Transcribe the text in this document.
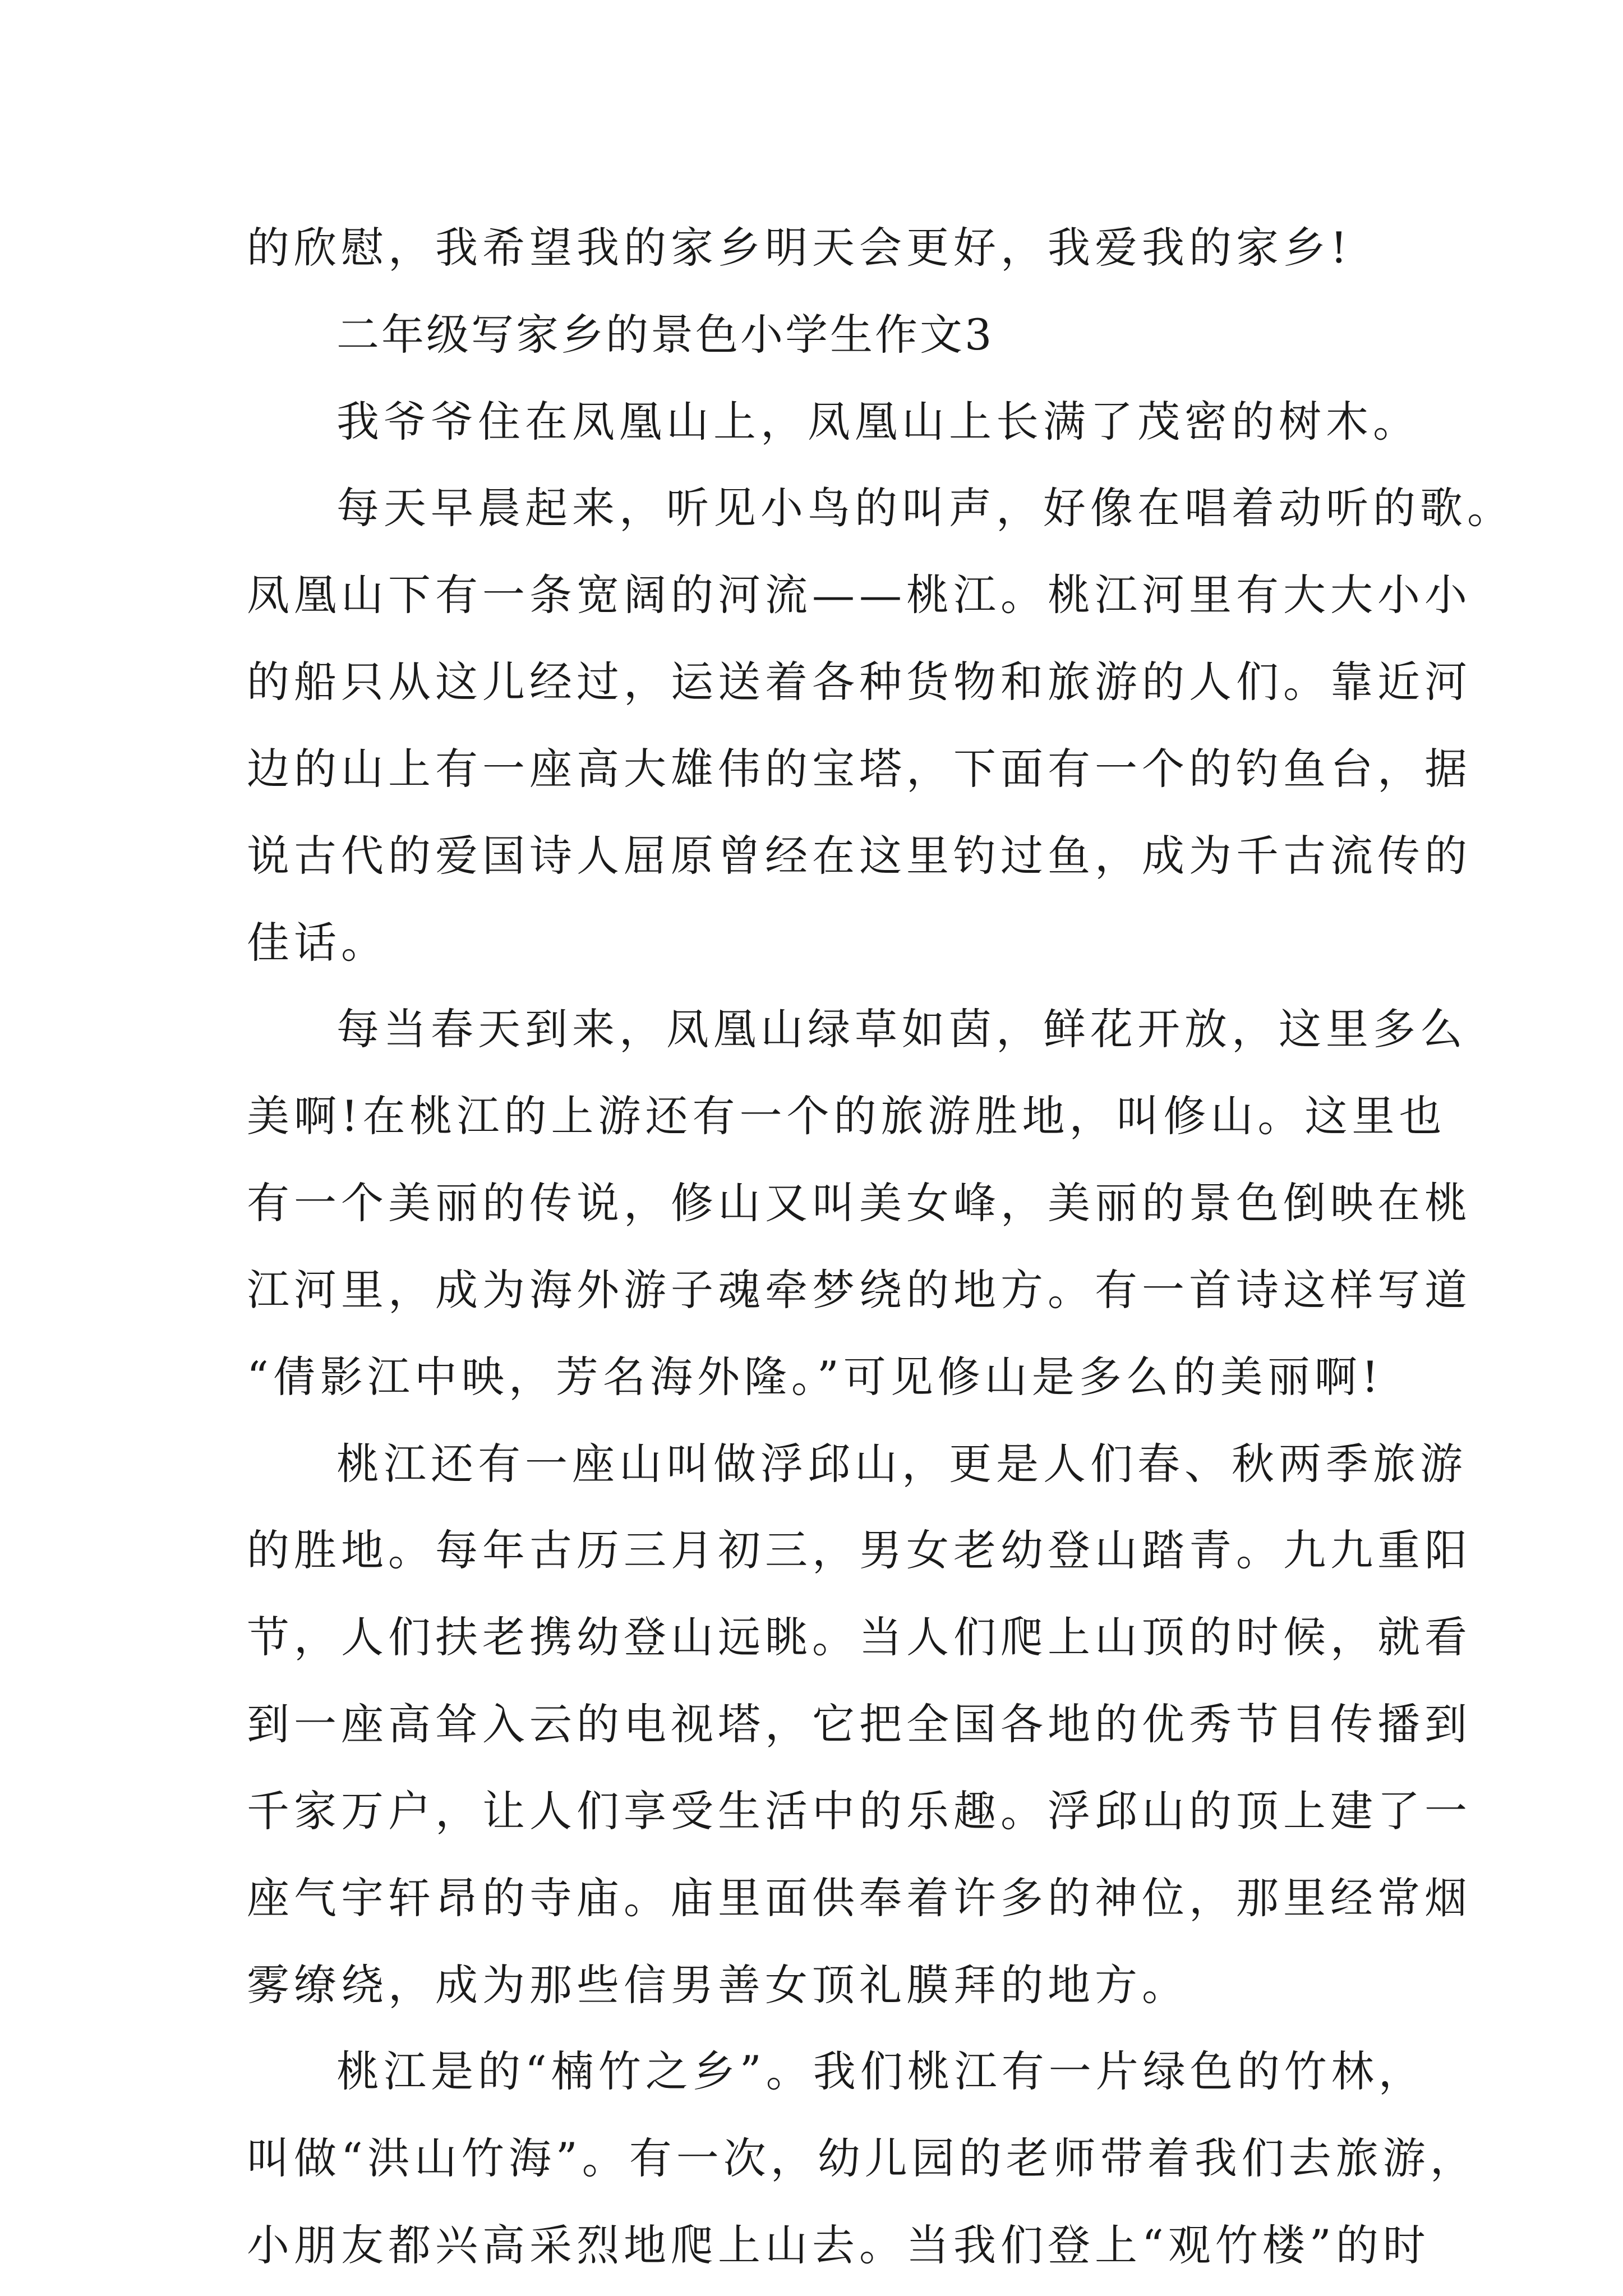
的欣慰，我希望我的家乡明天会更好，我爱我的家乡!
二年级写家乡的景色小学生作文3
我爷爷住在凤凰山上，凤凰山上长满了茂密的树木。
每天早晨起来，听见小鸟的叫声，好像在唱着动听的歌。
凤凰山下有一条宽阔的河流——桃江。桃江河里有大大小小
的船只从这儿经过，运送着各种货物和旅游的人们。靠近河
边的山上有一座高大雄伟的宝塔，下面有一个的钓鱼台，据
说古代的爱国诗人屈原曾经在这里钓过鱼，成为千古流传的
佳话。
每当春天到来，凤凰山绿草如茵，鲜花开放，这里多么
美啊!在桃江的上游还有一个的旅游胜地，叫修山。这里也
有一个美丽的传说，修山又叫美女峰，美丽的景色倒映在桃
江河里，成为海外游子魂牵梦绕的地方。有一首诗这样写道
“倩影江中映，芳名海外隆。”可见修山是多么的美丽啊!
桃江还有一座山叫做浮邱山，更是人们春、秋两季旅游
的胜地。每年古历三月初三，男女老幼登山踏青。九九重阳
节，人们扶老携幼登山远眺。当人们爬上山顶的时候，就看
到一座高耸入云的电视塔，它把全国各地的优秀节目传播到
千家万户，让人们享受生活中的乐趣。浮邱山的顶上建了一
座气宇轩昂的寺庙。庙里面供奉着许多的神位，那里经常烟
雾缭绕，成为那些信男善女顶礼膜拜的地方。
桃江是的“楠竹之乡”。我们桃江有一片绿色的竹林，
叫做“洪山竹海”。有一次，幼儿园的老师带着我们去旅游，
小朋友都兴高采烈地爬上山去。当我们登上“观竹楼”的时
